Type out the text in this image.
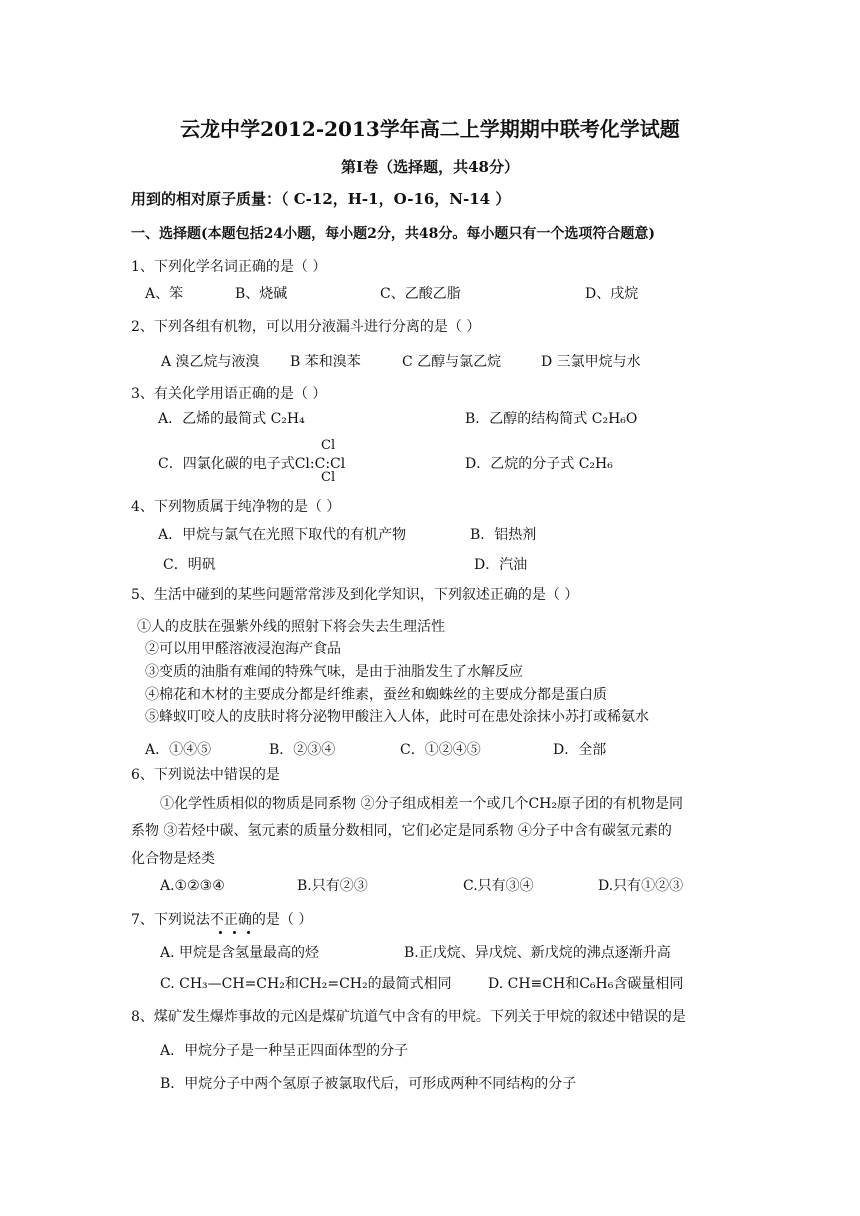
云龙中学2012-2013学年高二上学期期中联考化学试题
第Ⅰ卷（选择题，共48分）
用到的相对原子质量：（ C-12，H-1，O-16，N-14 ）
一、选择题(本题包括24小题，每小题2分，共48分。每小题只有一个选项符合题意)
1、下列化学名词正确的是（ ）
A、笨	B、烧碱	C、乙酸乙脂	D、戌烷
2、下列各组有机物，可以用分液漏斗进行分离的是（ ）
A 溴乙烷与液溴 B 苯和溴苯	C 乙醇与氯乙烷	D 三氯甲烷与水
3、有关化学用语正确的是（ ）
A．乙烯的最简式 C₂H₄	B．乙醇的结构简式 C₂H₆O
Cl
C．四氯化碳的电子式Cl:C:Cl
Cl
D．乙烷的分子式 C₂H₆
4、下列物质属于纯净物的是（ ）
A．甲烷与氯气在光照下取代的有机产物	B．铝热剂
C．明矾	D．汽油
5、生活中碰到的某些问题常常涉及到化学知识，下列叙述正确的是（ ）
①人的皮肤在强紫外线的照射下将会失去生理活性
②可以用甲醛溶液浸泡海产食品
③变质的油脂有难闻的特殊气味，是由于油脂发生了水解反应
④棉花和木材的主要成分都是纤维素，蚕丝和蜘蛛丝的主要成分都是蛋白质
⑤蜂蚁叮咬人的皮肤时将分泌物甲酸注入人体，此时可在患处涂抹小苏打或稀氨水
A．①④⑤	B．②③④	C．①②④⑤	D．全部
6、下列说法中错误的是
①化学性质相似的物质是同系物 ②分子组成相差一个或几个CH₂原子团的有机物是同
系物 ③若烃中碳、氢元素的质量分数相同，它们必定是同系物 ④分子中含有碳氢元素的
化合物是烃类
A.①②③④	B.只有②③	C.只有③④	D.只有①②③
7、下列说法不正确的是（ ）
A. 甲烷是含氢量最高的烃	B.正戊烷、异戊烷、新戊烷的沸点逐渐升高
C. CH₃—CH=CH₂和CH₂=CH₂的最简式相同	D. CH≡CH和C₆H₆含碳量相同
8、煤矿发生爆炸事故的元凶是煤矿坑道气中含有的甲烷。下列关于甲烷的叙述中错误的是
A．甲烷分子是一种呈正四面体型的分子
B．甲烷分子中两个氢原子被氯取代后，可形成两种不同结构的分子
